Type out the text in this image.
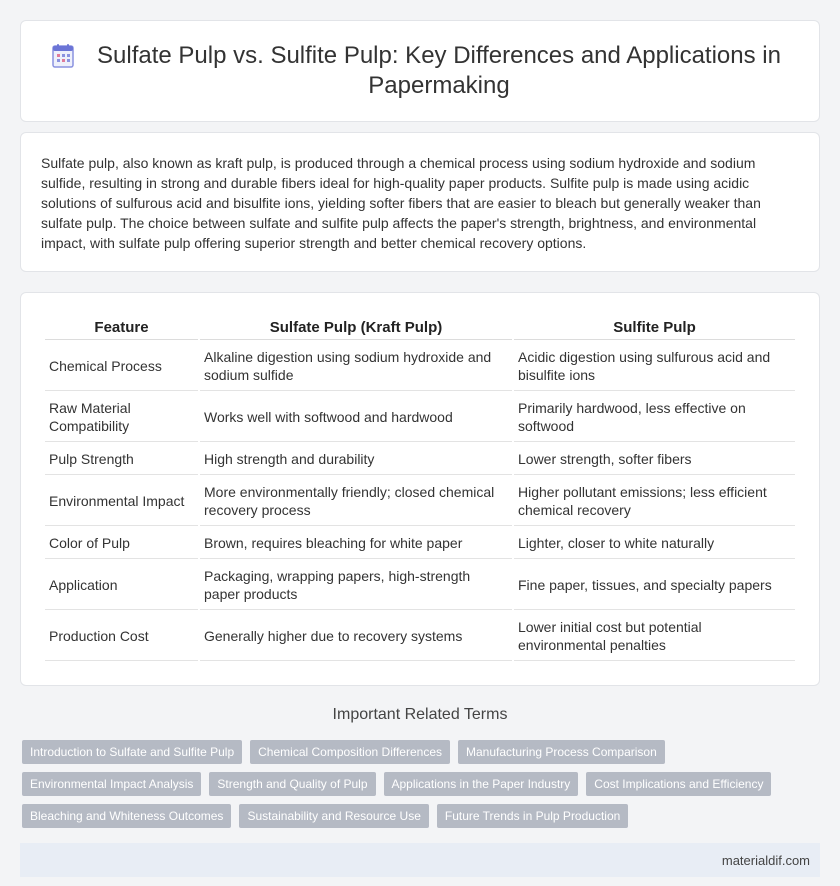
Sulfate Pulp vs. Sulfite Pulp: Key Differences and Applications in Papermaking

Sulfate pulp, also known as kraft pulp, is produced through a chemical process using sodium hydroxide and sodium sulfide, resulting in strong and durable fibers ideal for high-quality paper products. Sulfite pulp is made using acidic solutions of sulfurous acid and bisulfite ions, yielding softer fibers that are easier to bleach but generally weaker than sulfate pulp. The choice between sulfate and sulfite pulp affects the paper's strength, brightness, and environmental impact, with sulfate pulp offering superior strength and better chemical recovery options.

Feature	Sulfate Pulp (Kraft Pulp)	Sulfite Pulp
Chemical Process	Alkaline digestion using sodium hydroxide and sodium sulfide	Acidic digestion using sulfurous acid and bisulfite ions
Raw Material Compatibility	Works well with softwood and hardwood	Primarily hardwood, less effective on softwood
Pulp Strength	High strength and durability	Lower strength, softer fibers
Environmental Impact	More environmentally friendly; closed chemical recovery process	Higher pollutant emissions; less efficient chemical recovery
Color of Pulp	Brown, requires bleaching for white paper	Lighter, closer to white naturally
Application	Packaging, wrapping papers, high-strength paper products	Fine paper, tissues, and specialty papers
Production Cost	Generally higher due to recovery systems	Lower initial cost but potential environmental penalties
Important Related Terms
Introduction to Sulfate and Sulfite Pulp	Chemical Composition Differences	Manufacturing Process Comparison
Environmental Impact Analysis	Strength and Quality of Pulp	Applications in the Paper Industry	Cost Implications and Efficiency
Bleaching and Whiteness Outcomes	Sustainability and Resource Use	Future Trends in Pulp Production
materialdif.com
